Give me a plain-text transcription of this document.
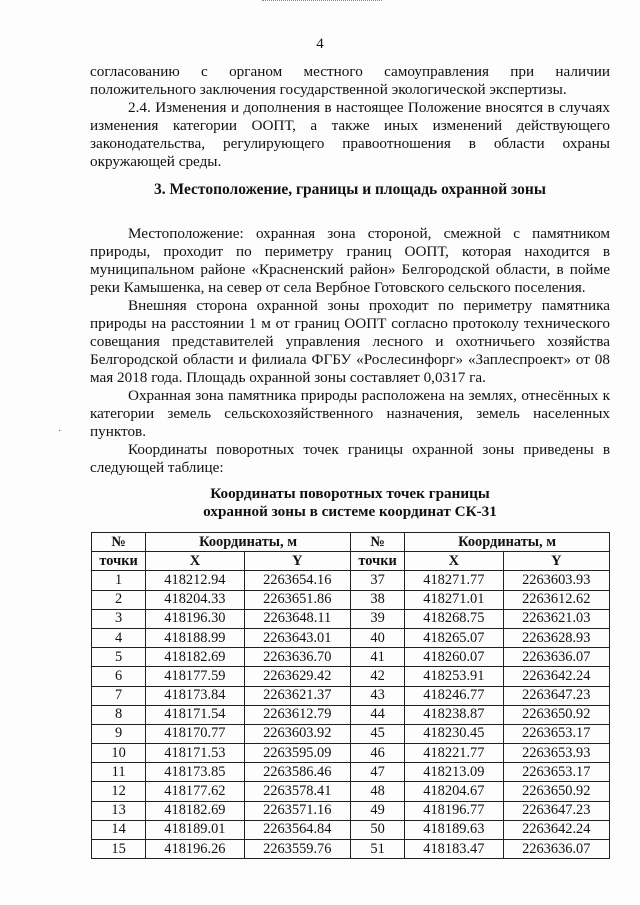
4

согласованию с органом местного самоуправления при наличии

положительного заключения государственной экологической экспертизы.

2.4. Изменения и дополнения в настоящее Положение вносятся в случаях изменения категории ООПТ, а также иных изменений действующего законодательства, регулирующего правоотношения в области охраны окружающей среды.

3. Местоположение, границы и площадь охранной зоны

Местоположение: охранная зона стороной, смежной с памятником природы, проходит по периметру границ ООПТ, которая находится в муниципальном районе «Красненский район» Белгородской области, в пойме реки Камышенка, на север от села Вербное Готовского сельского поселения.

Внешняя сторона охранной зоны проходит по периметру памятника природы на расстоянии 1 м от границ ООПТ согласно протоколу технического совещания представителей управления лесного и охотничьего хозяйства Белгородской области и филиала ФГБУ «Рослесинфорг» «Заплеспроект» от 08 мая 2018 года. Площадь охранной зоны составляет 0,0317 га.

Охранная зона памятника природы расположена на землях, отнесённых к категории земель сельскохозяйственного назначения, земель населенных пунктов.

Координаты поворотных точек границы охранной зоны приведены в следующей таблице:

·
Координаты поворотных точек границы
охранной зоны в системе координат СК-31
№	Координаты, м		№	Координаты, м	
точки	X	Y	точки	X	Y
1	418212.94	2263654.16	37	418271.77	2263603.93
2	418204.33	2263651.86	38	418271.01	2263612.62
3	418196.30	2263648.11	39	418268.75	2263621.03
4	418188.99	2263643.01	40	418265.07	2263628.93
5	418182.69	2263636.70	41	418260.07	2263636.07
6	418177.59	2263629.42	42	418253.91	2263642.24
7	418173.84	2263621.37	43	418246.77	2263647.23
8	418171.54	2263612.79	44	418238.87	2263650.92
9	418170.77	2263603.92	45	418230.45	2263653.17
10	418171.53	2263595.09	46	418221.77	2263653.93
11	418173.85	2263586.46	47	418213.09	2263653.17
12	418177.62	2263578.41	48	418204.67	2263650.92
13	418182.69	2263571.16	49	418196.77	2263647.23
14	418189.01	2263564.84	50	418189.63	2263642.24
15	418196.26	2263559.76	51	418183.47	2263636.07
